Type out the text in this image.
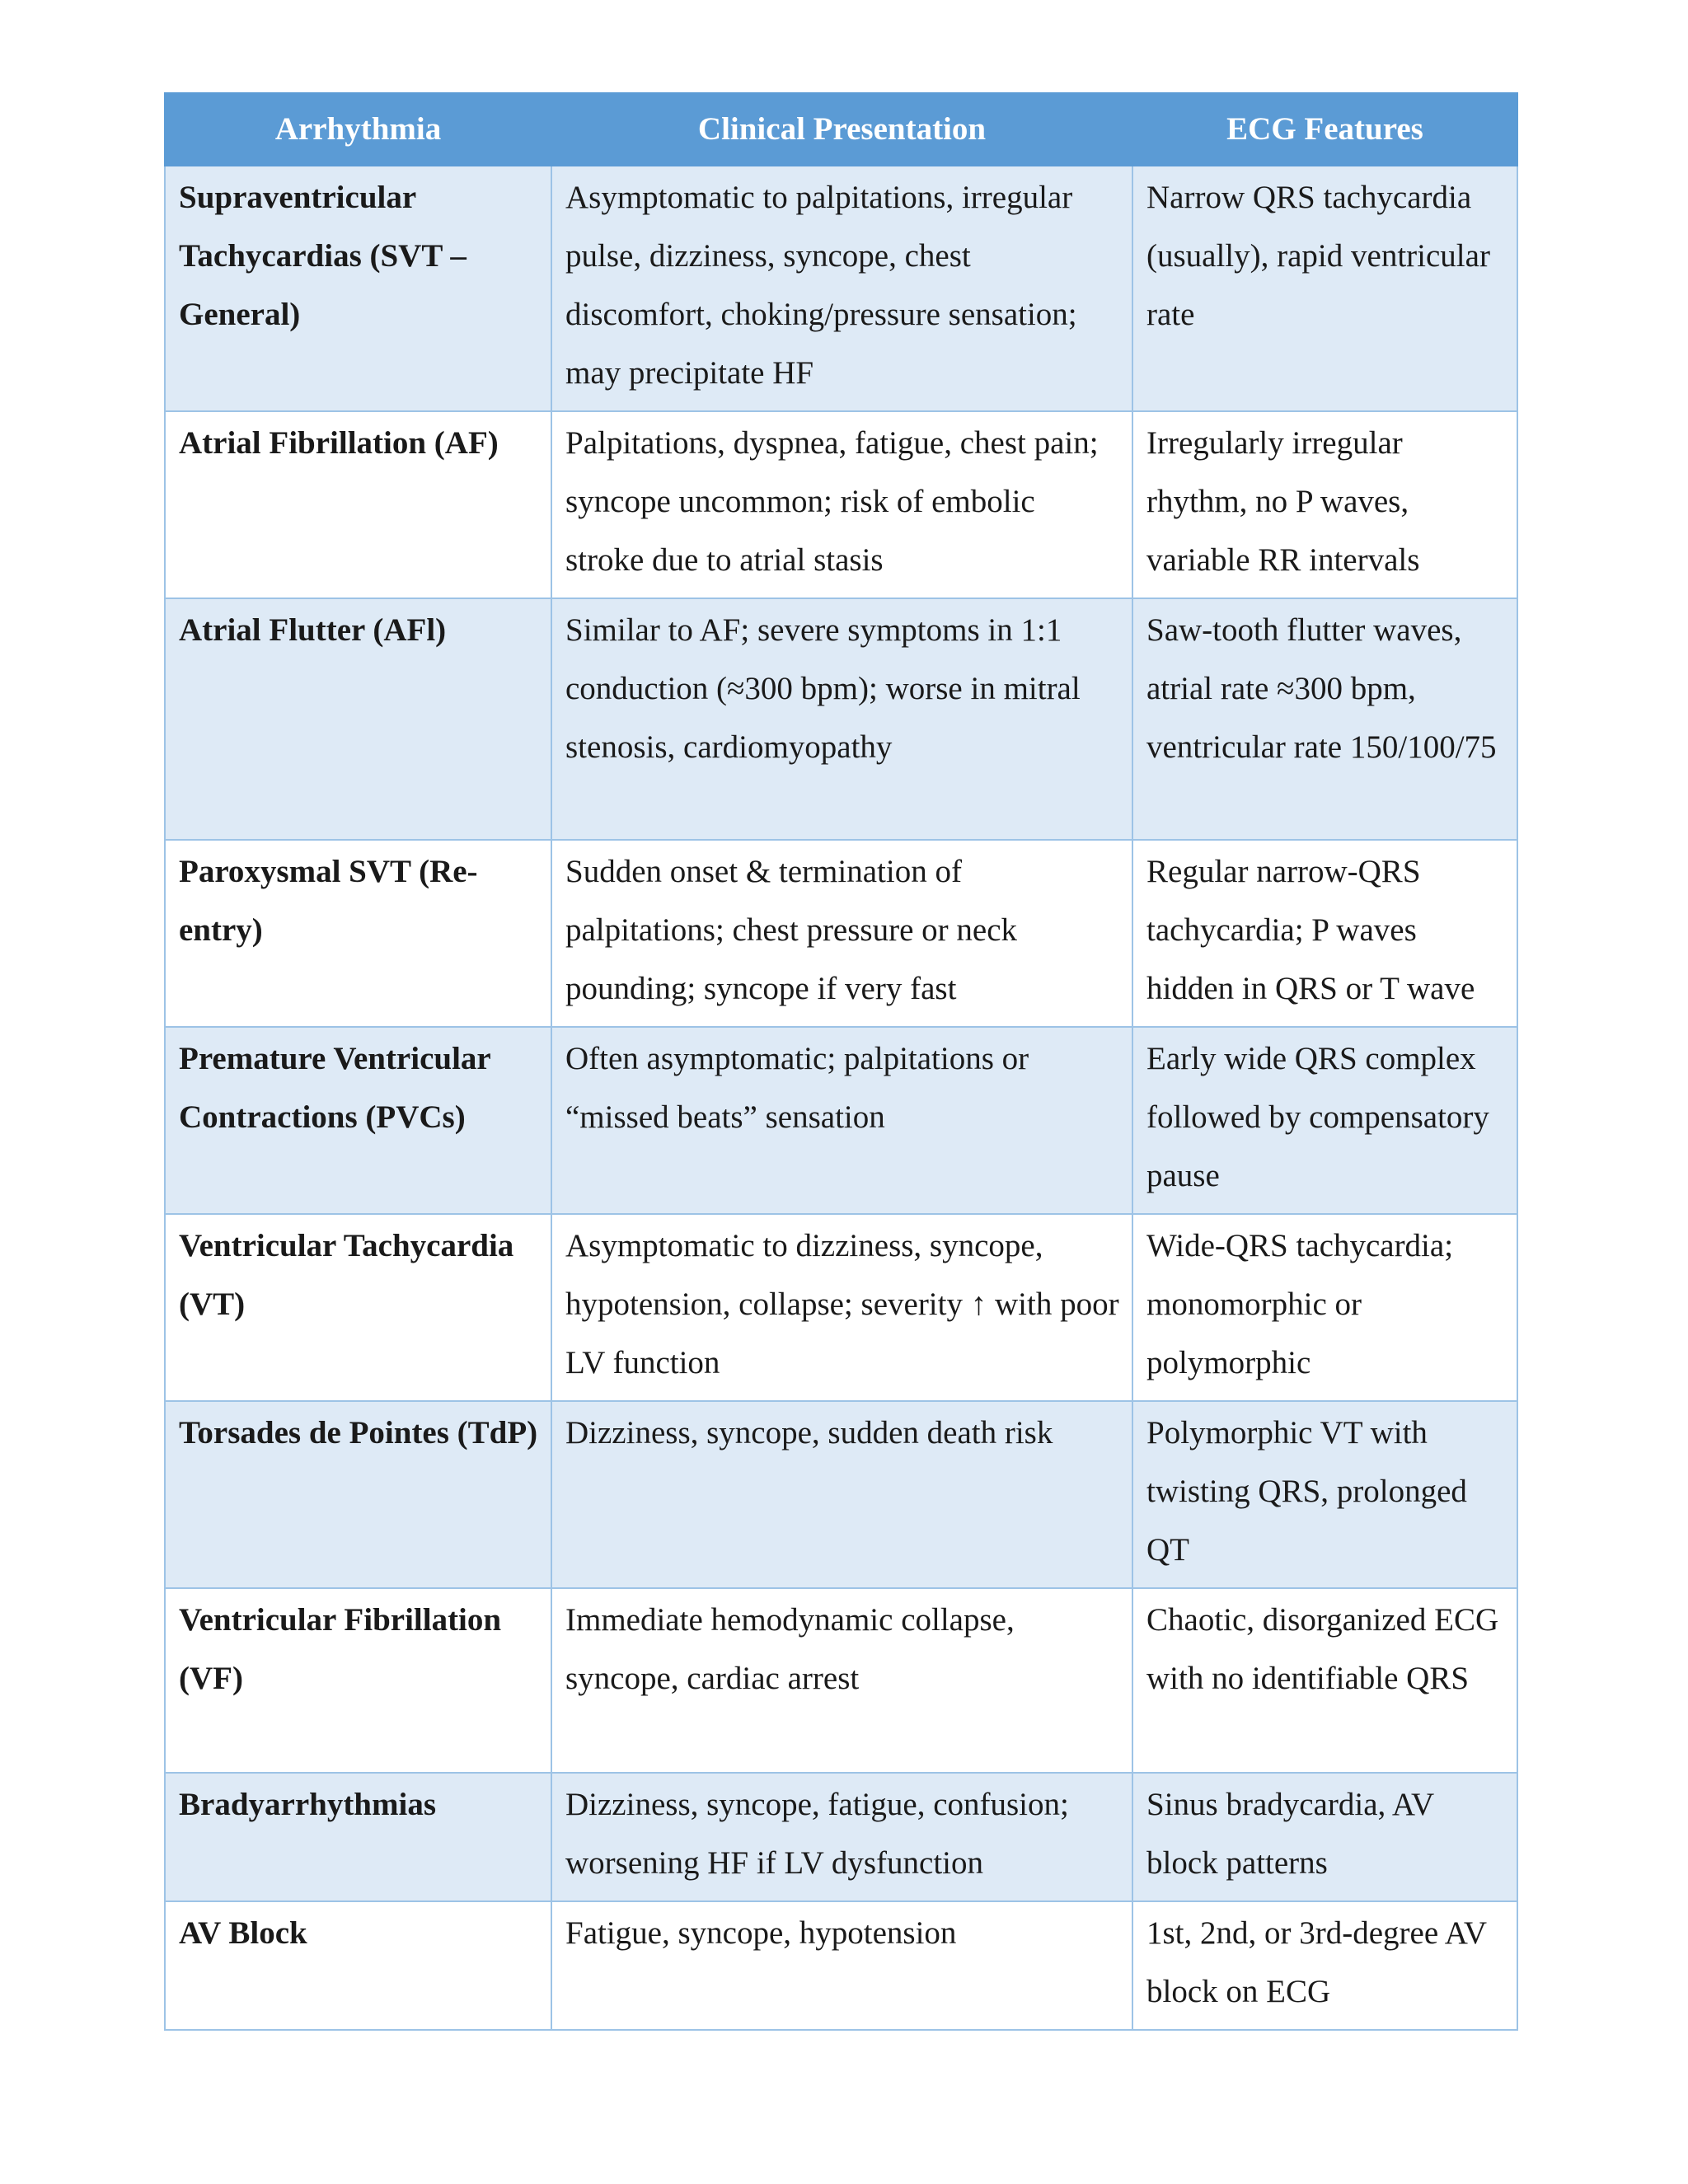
Arrhythmia	Clinical Presentation	ECG Features
Supraventricular Tachycardias (SVT – General)	Asymptomatic to palpitations, irregular pulse, dizziness, syncope, chest discomfort, choking/pressure sensation; may precipitate HF	Narrow QRS tachycardia (usually), rapid ventricular rate
Atrial Fibrillation (AF)	Palpitations, dyspnea, fatigue, chest pain; syncope uncommon; risk of embolic stroke due to atrial stasis	Irregularly irregular rhythm, no P waves, variable RR intervals
Atrial Flutter (AFl)	Similar to AF; severe symptoms in 1:1 conduction (≈300 bpm); worse in mitral stenosis, cardiomyopathy	Saw-tooth flutter waves, atrial rate ≈300 bpm, ventricular rate 150/100/75
Paroxysmal SVT (Re-entry)	Sudden onset & termination of palpitations; chest pressure or neck pounding; syncope if very fast	Regular narrow-QRS tachycardia; P waves hidden in QRS or T wave
Premature Ventricular Contractions (PVCs)	Often asymptomatic; palpitations or “missed beats” sensation	Early wide QRS complex followed by compensatory pause
Ventricular Tachycardia (VT)	Asymptomatic to dizziness, syncope, hypotension, collapse; severity ↑ with poor LV function	Wide-QRS tachycardia; monomorphic or polymorphic
Torsades de Pointes (TdP)	Dizziness, syncope, sudden death risk	Polymorphic VT with twisting QRS, prolonged QT
Ventricular Fibrillation (VF)	Immediate hemodynamic collapse, syncope, cardiac arrest	Chaotic, disorganized ECG with no identifiable QRS
Bradyarrhythmias	Dizziness, syncope, fatigue, confusion; worsening HF if LV dysfunction	Sinus bradycardia, AV block patterns
AV Block	Fatigue, syncope, hypotension	1st, 2nd, or 3rd-degree AV block on ECG
